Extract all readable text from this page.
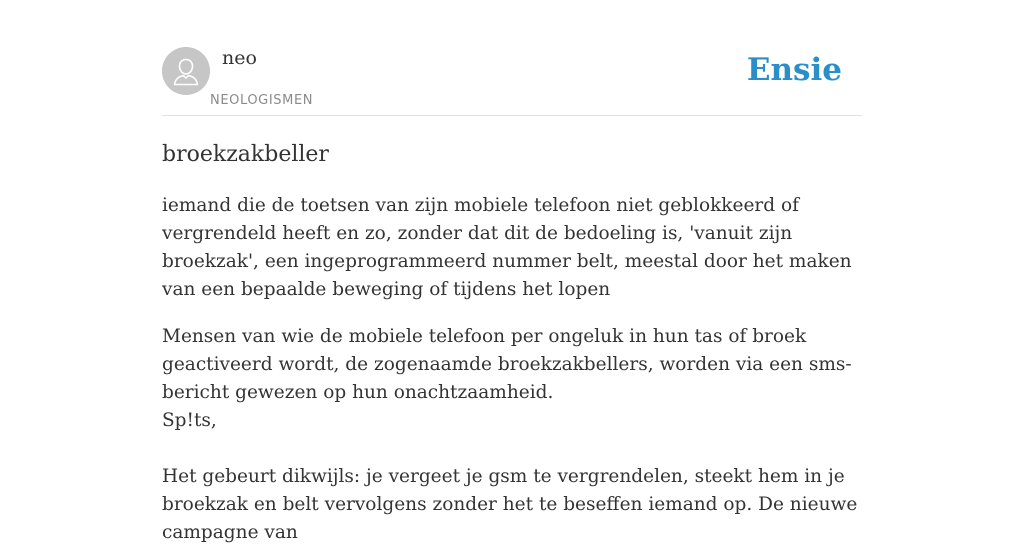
neo
NEOLOGISMEN
Ensie
broekzakbeller

iemand die de toetsen van zijn mobiele telefoon niet geblokkeerd of vergrendeld heeft en zo, zonder dat dit de bedoeling is, 'vanuit zijn broekzak', een ingeprogrammeerd nummer belt, meestal door het maken van een bepaalde beweging of tijdens het lopen

Mensen van wie de mobiele telefoon per ongeluk in hun tas of broek geactiveerd wordt, de zogenaamde broekzakbellers, worden via een sms-bericht gewezen op hun onachtzaamheid.

Sp!ts,

Het gebeurt dikwijls: je vergeet je gsm te vergrendelen, steekt hem in je broekzak en belt vervolgens zonder het te beseffen iemand op. De nieuwe campagne van
